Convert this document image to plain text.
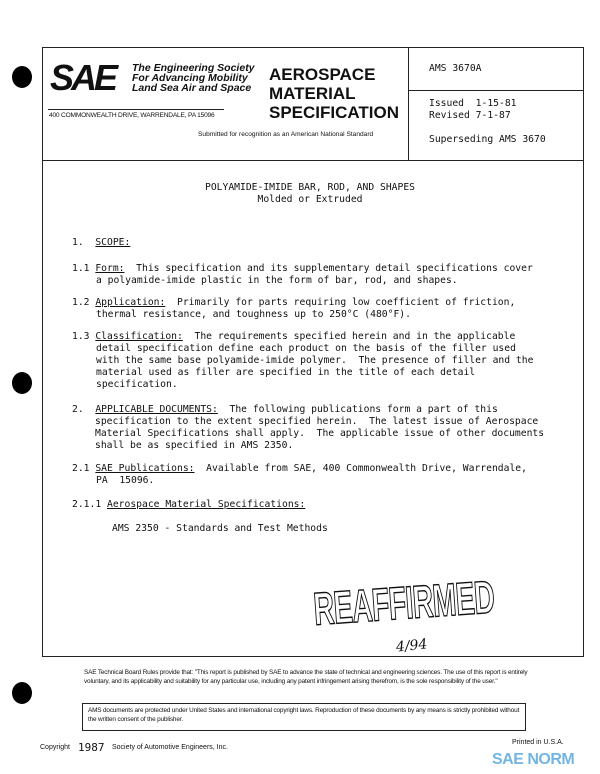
SAE The Engineering Society
For Advancing Mobility
Land Sea Air and Space
400 COMMONWEALTH DRIVE, WARRENDALE, PA 15096
AEROSPACE
MATERIAL
SPECIFICATION
Submitted for recognition as an American National Standard
AMS 3670A
Issued  1-15-81
Revised 7-1-87
Superseding AMS 3670
POLYAMIDE-IMIDE BAR, ROD, AND SHAPES
Molded or Extruded
1. SCOPE:
1.1 Form:  This specification and its supplementary detail specifications cover
a polyamide-imide plastic in the form of bar, rod, and shapes.
1.2 Application:  Primarily for parts requiring low coefficient of friction,
thermal resistance, and toughness up to 250°C (480°F).
1.3 Classification:  The requirements specified herein and in the applicable
detail specification define each product on the basis of the filler used
with the same base polyamide-imide polymer.  The presence of filler and the
material used as filler are specified in the title of each detail
specification.
2. APPLICABLE DOCUMENTS:  The following publications form a part of this
specification to the extent specified herein.  The latest issue of Aerospace
Material Specifications shall apply.  The applicable issue of other documents
shall be as specified in AMS 2350.
2.1 SAE Publications:  Available from SAE, 400 Commonwealth Drive, Warrendale,
PA  15096.
2.1.1 Aerospace Material Specifications:
AMS 2350 - Standards and Test Methods
REAFFIRMED
4/94
SAE Technical Board Rules provide that: "This report is published by SAE to advance the state of technical and engineering sciences. The use of this report is entirely voluntary, and its applicability and suitability for any particular use, including any patent infringement arising therefrom, is the sole responsibility of the user."
AMS documents are protected under United States and international copyright laws. Reproduction of these documents by any means is strictly prohibited without the written consent of the publisher.
Copyright 1987 Society of Automotive Engineers, Inc.
Printed in U.S.A.
SAE NORM
